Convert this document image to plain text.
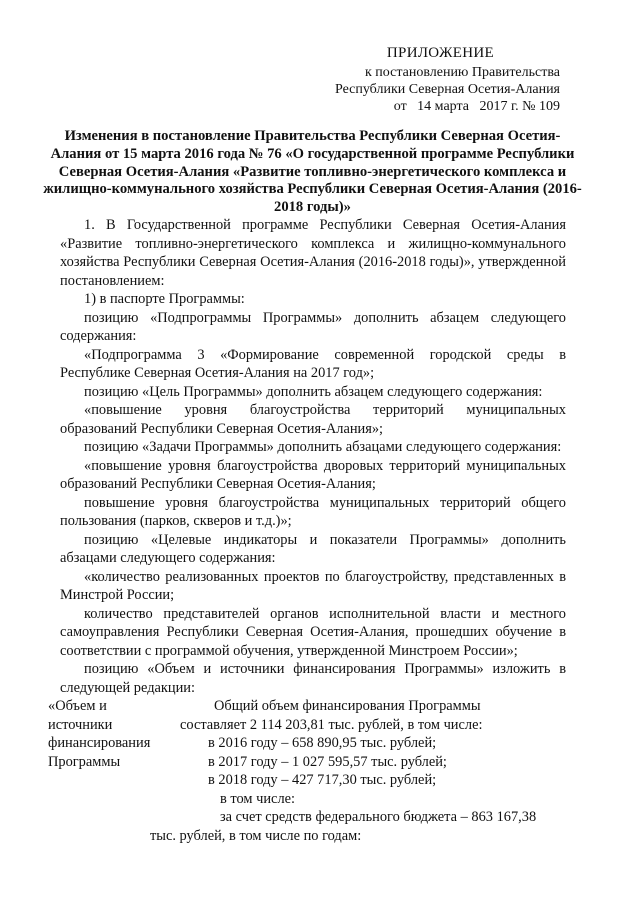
ПРИЛОЖЕНИЕ
к постановлению Правительства
Республики Северная Осетия-Алания
от   14 марта   2017 г. № 109
Изменения в постановление Правительства Республики Северная Осетия-Алания от 15 марта 2016 года № 76 «О государственной программе Республики Северная Осетия-Алания «Развитие топливно-энергетического комплекса и жилищно-коммунального хозяйства Республики Северная Осетия-Алания (2016-2018 годы)»
1. В Государственной программе Республики Северная Осетия-Алания «Развитие топливно-энергетического комплекса и жилищно-коммунального хозяйства Республики Северная Осетия-Алания (2016-2018 годы)», утвержденной постановлением:
1) в паспорте Программы:
позицию «Подпрограммы Программы» дополнить абзацем следующего содержания:
«Подпрограмма 3 «Формирование современной городской среды в Республике Северная Осетия-Алания на 2017 год»;
позицию «Цель Программы» дополнить абзацем следующего содержания:
«повышение уровня благоустройства территорий муниципальных образований Республики Северная Осетия-Алания»;
позицию «Задачи Программы» дополнить абзацами следующего содержания:
«повышение уровня благоустройства дворовых территорий муниципальных образований Республики Северная Осетия-Алания;
повышение уровня благоустройства муниципальных территорий общего пользования (парков, скверов и т.д.)»;
позицию «Целевые индикаторы и показатели Программы» дополнить абзацами следующего содержания:
«количество реализованных проектов по благоустройству, представленных в Минстрой России;
количество представителей органов исполнительной власти и местного самоуправления Республики Северная Осетия-Алания, прошедших обучение в соответствии с программой обучения, утвержденной Минстроем России»;
позицию «Объем и источники финансирования Программы» изложить в следующей редакции:
«Объем и
источники
финансирования
Программы
Общий объем финансирования Программы
составляет 2 114 203,81 тыс. рублей, в том числе:
в 2016 году – 658 890,95 тыс. рублей;
в 2017 году – 1 027 595,57 тыс. рублей;
в 2018 году – 427 717,30 тыс. рублей;
в том числе:
за счет средств федерального бюджета – 863 167,38
тыс. рублей, в том числе по годам:
